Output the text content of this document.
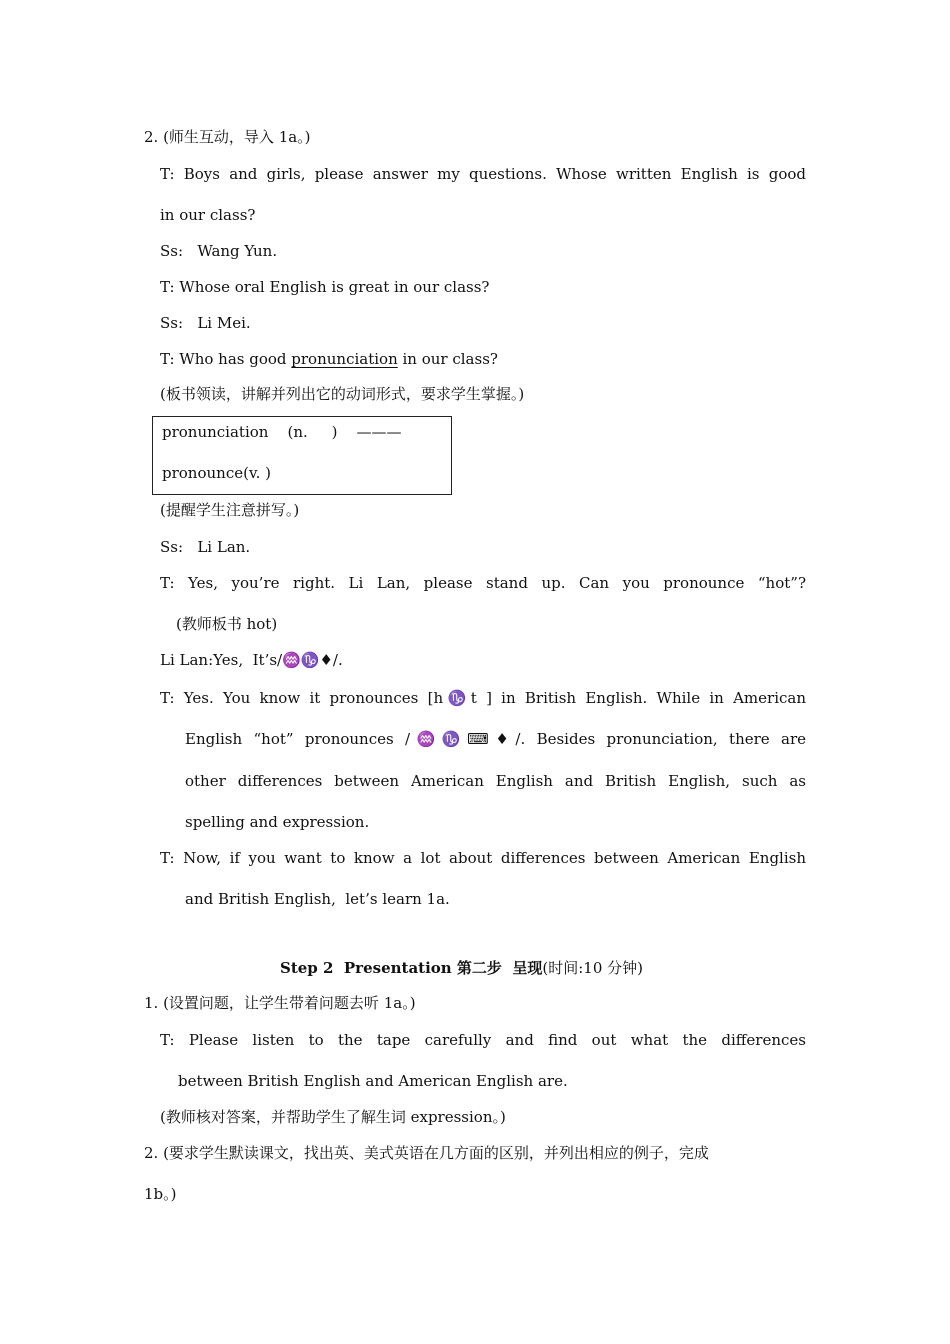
2. (师生互动，导入 1a。)
T: Boys and girls, please answer my questions. Whose written English is good
in our class?
Ss:   Wang Yun.
T: Whose oral English is great in our class?
Ss:   Li Mei.
T: Who has good pronunciation in our class?
(板书领读，讲解并列出它的动词形式，要求学生掌握。)
pronunciation    (n.     )    ———
pronounce(v. )
(提醒学生注意拼写。)
Ss:   Li Lan.
T: Yes, you’re right. Li Lan, please stand up. Can you pronounce “hot”?
(教师板书 hot)
Li Lan:Yes,  It’s/♒♑♦/.
T: Yes. You know it pronounces [h♑t ] in British English. While in American
English “hot” pronounces /♒♑⌨♦/. Besides pronunciation, there are
other differences between American English and British English, such as
spelling and expression.
T: Now, if you want to know a lot about differences between American English
and British English,  let’s learn 1a.
Step 2  Presentation 第二步  呈现(时间:10 分钟)
1. (设置问题，让学生带着问题去听 1a。)
T: Please listen to the tape carefully and find out what the differences
between British English and American English are.
(教师核对答案，并帮助学生了解生词 expression。)
2. (要求学生默读课文，找出英、美式英语在几方面的区别，并列出相应的例子，完成
1b。)
